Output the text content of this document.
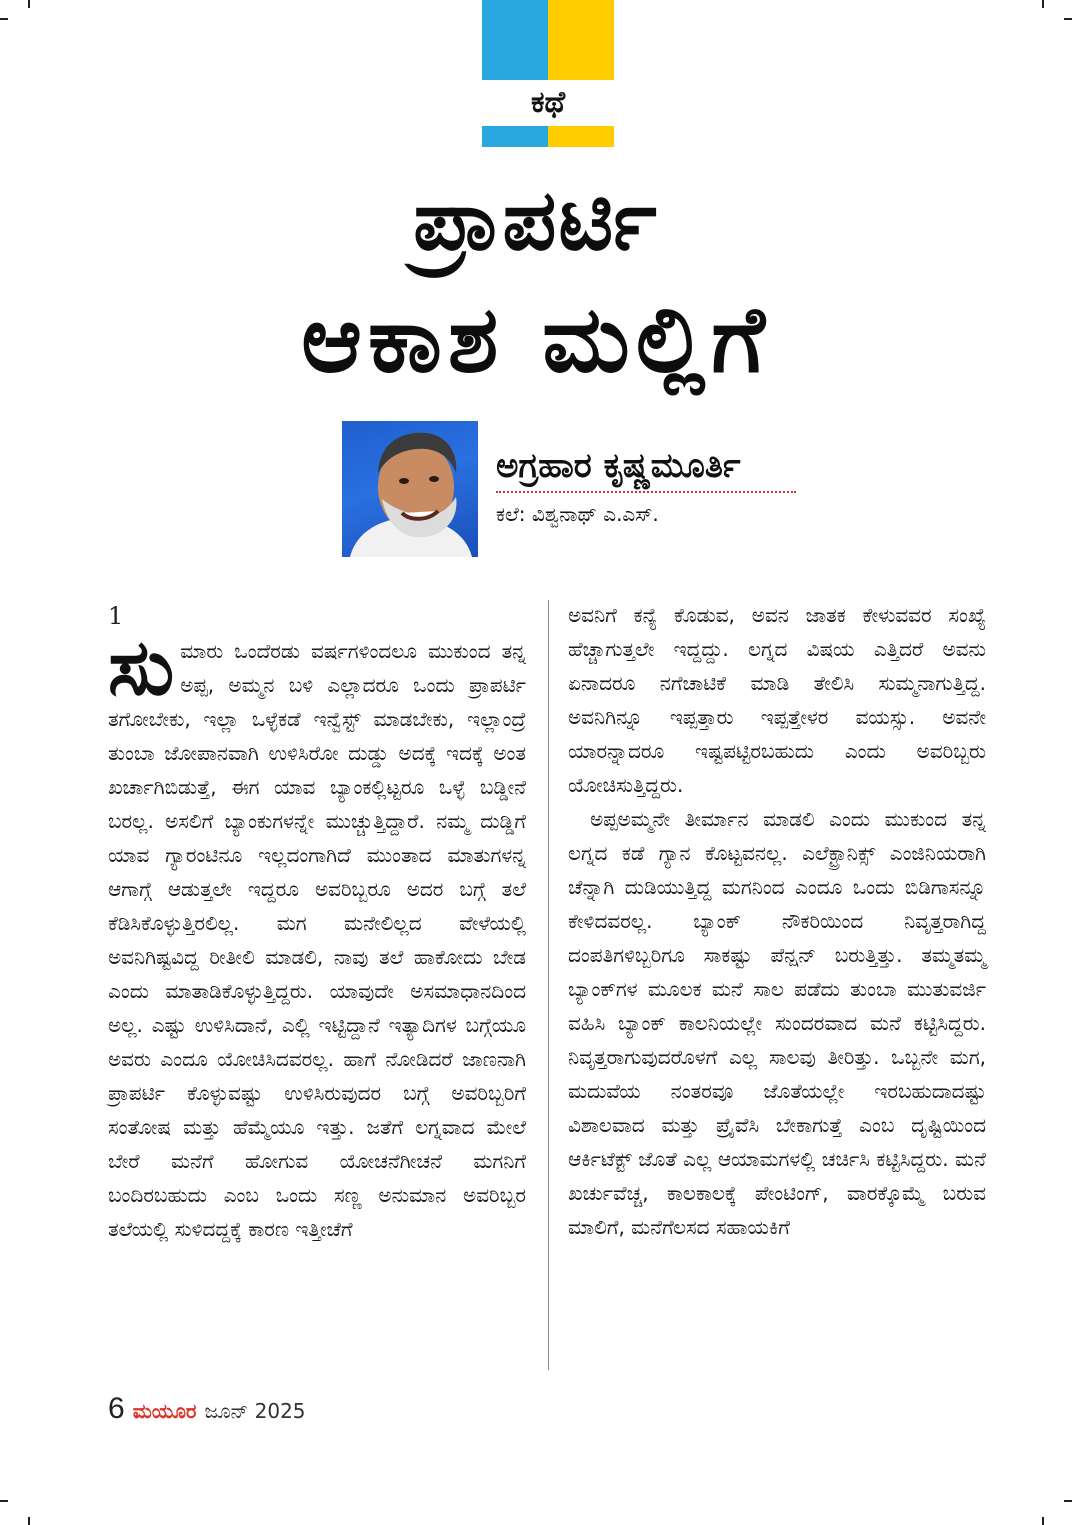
ಕಥೆ
ಪ್ರಾಪರ್ಟಿ
ಆಕಾಶ ಮಲ್ಲಿಗೆ
ಅಗ್ರಹಾರ ಕೃಷ್ಣಮೂರ್ತಿ
ಕಲೆ: ವಿಶ್ವನಾಥ್ ಎ.ಎಸ್.

1

ಸುಮಾರು ಒಂದೆರಡು ವರ್ಷಗಳಿಂದಲೂ ಮುಕುಂದ ತನ್ನ ಅಪ್ಪ, ಅಮ್ಮನ ಬಳಿ ಎಲ್ಲಾದರೂ ಒಂದು ಪ್ರಾಪರ್ಟಿ ತಗೋಬೇಕು, ಇಲ್ಲಾ ಒಳ್ಳೆಕಡೆ ಇನ್ವೆಸ್ಟ್ ಮಾಡಬೇಕು, ಇಲ್ಲಾಂದ್ರೆ ತುಂಬಾ ಜೋಪಾನವಾಗಿ ಉಳಿಸಿರೋ ದುಡ್ಡು ಅದಕ್ಕೆ ಇದಕ್ಕೆ ಅಂತ ಖರ್ಚಾಗಿಬಿಡುತ್ತೆ, ಈಗ ಯಾವ ಬ್ಯಾಂಕಲ್ಲಿಟ್ಟರೂ ಒಳ್ಳೆ ಬಡ್ಡೀನೆ ಬರಲ್ಲ. ಅಸಲಿಗೆ ಬ್ಯಾಂಕುಗಳನ್ನೇ ಮುಚ್ಚುತ್ತಿದ್ದಾರೆ. ನಮ್ಮ ದುಡ್ಡಿಗೆ ಯಾವ ಗ್ಯಾರಂಟಿನೂ ಇಲ್ಲದಂಗಾಗಿದೆ ಮುಂತಾದ ಮಾತುಗಳನ್ನ ಆಗಾಗ್ಗೆ ಆಡುತ್ತಲೇ ಇದ್ದರೂ ಅವರಿಬ್ಬರೂ ಅದರ ಬಗ್ಗೆ ತಲೆ ಕೆಡಿಸಿಕೊಳ್ಳುತ್ತಿರಲಿಲ್ಲ. ಮಗ ಮನೇಲಿಲ್ಲದ ವೇಳೆಯಲ್ಲಿ ಅವನಿಗಿಷ್ಟವಿದ್ದ ರೀತೀಲಿ ಮಾಡಲಿ, ನಾವು ತಲೆ ಹಾಕೋದು ಬೇಡ ಎಂದು ಮಾತಾಡಿಕೊಳ್ಳುತ್ತಿದ್ದರು. ಯಾವುದೇ ಅಸಮಾಧಾನದಿಂದ ಅಲ್ಲ. ಎಷ್ಟು ಉಳಿಸಿದಾನೆ, ಎಲ್ಲಿ ಇಟ್ಟಿದ್ದಾನೆ ಇತ್ಯಾದಿಗಳ ಬಗ್ಗೆಯೂ ಅವರು ಎಂದೂ ಯೋಚಿಸಿದವರಲ್ಲ. ಹಾಗೆ ನೋಡಿದರೆ ಜಾಣನಾಗಿ ಪ್ರಾಪರ್ಟಿ ಕೊಳ್ಳುವಷ್ಟು ಉಳಿಸಿರುವುದರ ಬಗ್ಗೆ ಅವರಿಬ್ಬರಿಗೆ ಸಂತೋಷ ಮತ್ತು ಹೆಮ್ಮೆಯೂ ಇತ್ತು. ಜತೆಗೆ ಲಗ್ನವಾದ ಮೇಲೆ ಬೇರೆ ಮನೆಗೆ ಹೋಗುವ ಯೋಚನೆಗೀಚನೆ ಮಗನಿಗೆ ಬಂದಿರಬಹುದು ಎಂಬ ಒಂದು ಸಣ್ಣ ಅನುಮಾನ ಅವರಿಬ್ಬರ ತಲೆಯಲ್ಲಿ ಸುಳಿದದ್ದಕ್ಕೆ ಕಾರಣ ಇತ್ತೀಚೆಗೆ

ಅವನಿಗೆ ಕನ್ಯೆ ಕೊಡುವ, ಅವನ ಜಾತಕ ಕೇಳುವವರ ಸಂಖ್ಯೆ ಹೆಚ್ಚಾಗುತ್ತಲೇ ಇದ್ದದ್ದು. ಲಗ್ನದ ವಿಷಯ ಎತ್ತಿದರೆ ಅವನು ಏನಾದರೂ ನಗೆಚಾಟಿಕೆ ಮಾಡಿ ತೇಲಿಸಿ ಸುಮ್ಮನಾಗುತ್ತಿದ್ದ. ಅವನಿಗಿನ್ನೂ ಇಪ್ಪತ್ತಾರು ಇಪ್ಪತ್ತೇಳರ ವಯಸ್ಸು. ಅವನೇ ಯಾರನ್ನಾದರೂ ಇಷ್ಟಪಟ್ಟಿರಬಹುದು ಎಂದು ಅವರಿಬ್ಬರು ಯೋಚಿಸುತ್ತಿದ್ದರು.

ಅಪ್ಪಅಮ್ಮನೇ ತೀರ್ಮಾನ ಮಾಡಲಿ ಎಂದು ಮುಕುಂದ ತನ್ನ ಲಗ್ನದ ಕಡೆ ಗ್ಯಾನ ಕೊಟ್ಟವನಲ್ಲ. ಎಲೆಕ್ಟ್ರಾನಿಕ್ಸ್ ಎಂಜಿನಿಯರಾಗಿ ಚೆನ್ನಾಗಿ ದುಡಿಯುತ್ತಿದ್ದ ಮಗನಿಂದ ಎಂದೂ ಒಂದು ಬಿಡಿಗಾಸನ್ನೂ ಕೇಳಿದವರಲ್ಲ. ಬ್ಯಾಂಕ್ ನೌಕರಿಯಿಂದ ನಿವೃತ್ತರಾಗಿದ್ದ ದಂಪತಿಗಳಿಬ್ಬರಿಗೂ ಸಾಕಷ್ಟು ಪೆನ್ಷನ್ ಬರುತ್ತಿತ್ತು. ತಮ್ಮತಮ್ಮ ಬ್ಯಾಂಕ್‌ಗಳ ಮೂಲಕ ಮನೆ ಸಾಲ ಪಡೆದು ತುಂಬಾ ಮುತುವರ್ಜಿ ವಹಿಸಿ ಬ್ಯಾಂಕ್ ಕಾಲನಿಯಲ್ಲೇ ಸುಂದರವಾದ ಮನೆ ಕಟ್ಟಿಸಿದ್ದರು. ನಿವೃತ್ತರಾಗುವುದರೊಳಗೆ ಎಲ್ಲ ಸಾಲವು ತೀರಿತ್ತು. ಒಬ್ಬನೇ ಮಗ, ಮದುವೆಯ ನಂತರವೂ ಜೊತೆಯಲ್ಲೇ ಇರಬಹುದಾದಷ್ಟು ವಿಶಾಲವಾದ ಮತ್ತು ಪ್ರೈವೆಸಿ ಬೇಕಾಗುತ್ತೆ ಎಂಬ ದೃಷ್ಟಿಯಿಂದ ಆರ್ಕಿಟೆಕ್ಟ್ ಜೊತೆ ಎಲ್ಲ ಆಯಾಮಗಳಲ್ಲಿ ಚರ್ಚಿಸಿ ಕಟ್ಟಿಸಿದ್ದರು. ಮನೆ ಖರ್ಚುವೆಚ್ಚ, ಕಾಲಕಾಲಕ್ಕೆ ಪೇಂಟಿಂಗ್, ವಾರಕ್ಕೊಮ್ಮೆ ಬರುವ ಮಾಲಿಗೆ, ಮನೆಗೆಲಸದ ಸಹಾಯಕಿಗೆ

6 ಮಯೂರ ಜೂನ್ 2025
